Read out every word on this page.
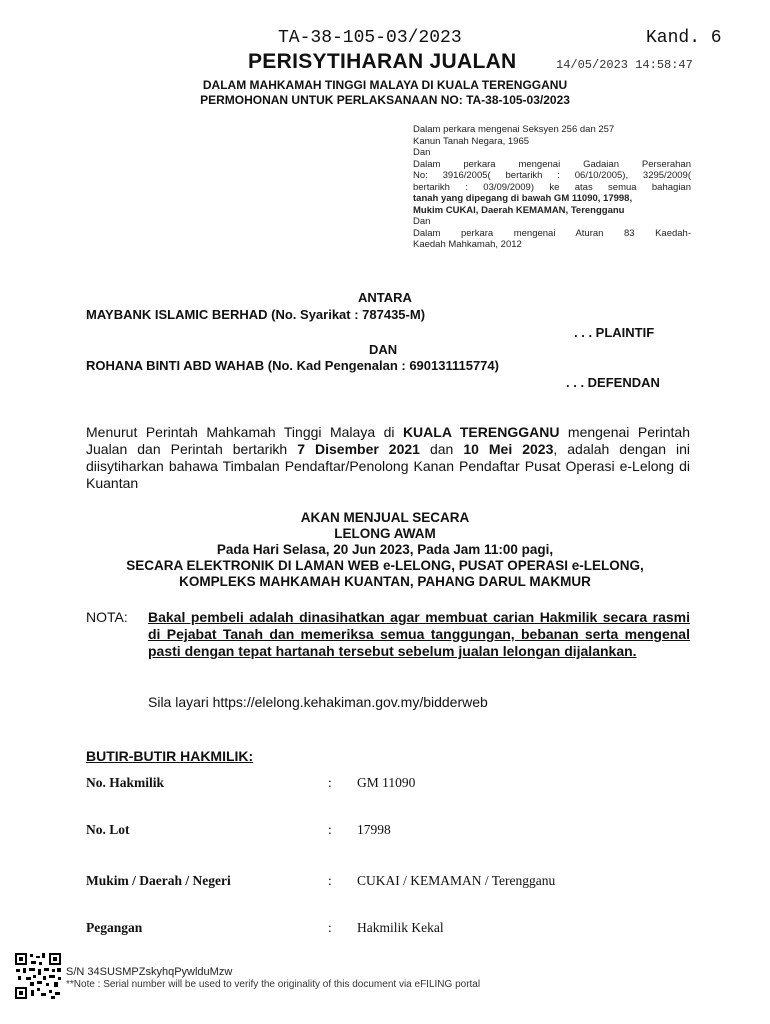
TA-38-105-03/2023	Kand. 6
PERISYTIHARAN JUALAN	14/05/2023 14:58:47
DALAM MAHKAMAH TINGGI MALAYA DI KUALA TERENGGANU
PERMOHONAN UNTUK PERLAKSANAAN NO: TA-38-105-03/2023
Dalam perkara mengenai Seksyen 256 dan 257
Kanun Tanah Negara, 1965
Dan
Dalam perkara mengenai Gadaian Perserahan
No: 3916/2005( bertarikh : 06/10/2005), 3295/2009(
bertarikh : 03/09/2009) ke atas semua bahagian
tanah yang dipegang di bawah GM 11090, 17998,
Mukim CUKAI, Daerah KEMAMAN, Terengganu
Dan
Dalam perkara mengenai Aturan 83 Kaedah-
Kaedah Mahkamah, 2012
ANTARA
MAYBANK ISLAMIC BERHAD (No. Syarikat : 787435-M)
. . . PLAINTIF
DAN
ROHANA BINTI ABD WAHAB (No. Kad Pengenalan : 690131115774)
. . . DEFENDAN
Menurut Perintah Mahkamah Tinggi Malaya di KUALA TERENGGANU mengenai Perintah Jualan dan Perintah bertarikh 7 Disember 2021 dan 10 Mei 2023, adalah dengan ini diisytiharkan bahawa Timbalan Pendaftar/Penolong Kanan Pendaftar Pusat Operasi e-Lelong di Kuantan
AKAN MENJUAL SECARA
LELONG AWAM
Pada Hari Selasa, 20 Jun 2023, Pada Jam 11:00 pagi,
SECARA ELEKTRONIK DI LAMAN WEB e-LELONG, PUSAT OPERASI e-LELONG,
KOMPLEKS MAHKAMAH KUANTAN, PAHANG DARUL MAKMUR
NOTA: Bakal pembeli adalah dinasihatkan agar membuat carian Hakmilik secara rasmi di Pejabat Tanah dan memeriksa semua tanggungan, bebanan serta mengenal pasti dengan tepat hartanah tersebut sebelum jualan lelongan dijalankan.
Sila layari https://elelong.kehakiman.gov.my/bidderweb
BUTIR-BUTIR HAKMILIK:
No. Hakmilik	: GM 11090
No. Lot	: 17998
Mukim / Daerah / Negeri	: CUKAI / KEMAMAN / Terengganu
Pegangan	: Hakmilik Kekal
S/N 34SUSMPZskyhqPywlduMzw
**Note : Serial number will be used to verify the originality of this document via eFILING portal
